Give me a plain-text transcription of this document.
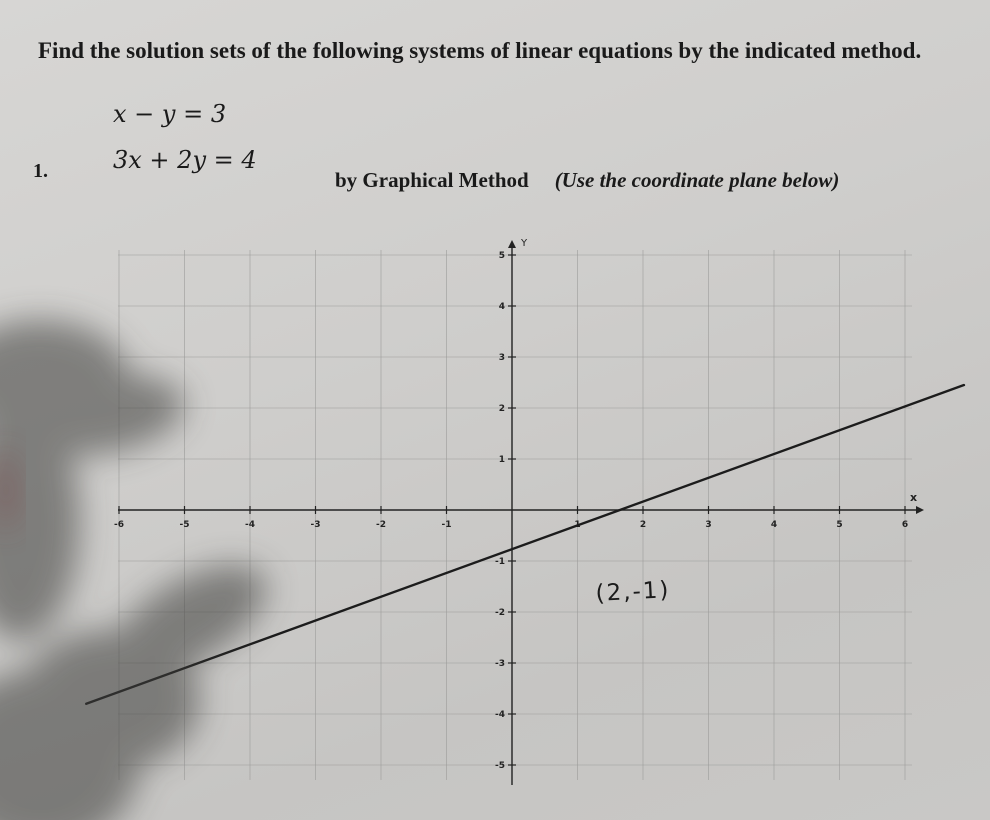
Find the solution sets of the following systems of linear equations by the indicated method.

x − y = 3
1.	3x + 2y = 4
by Graphical Method (Use the coordinate plane below)
-6	-5	-4	-3	-2	-1	2	3	4	5	6
5
4
3
2
1
-1
-2
-3
-4
-5
x
Y
(2,-1)
